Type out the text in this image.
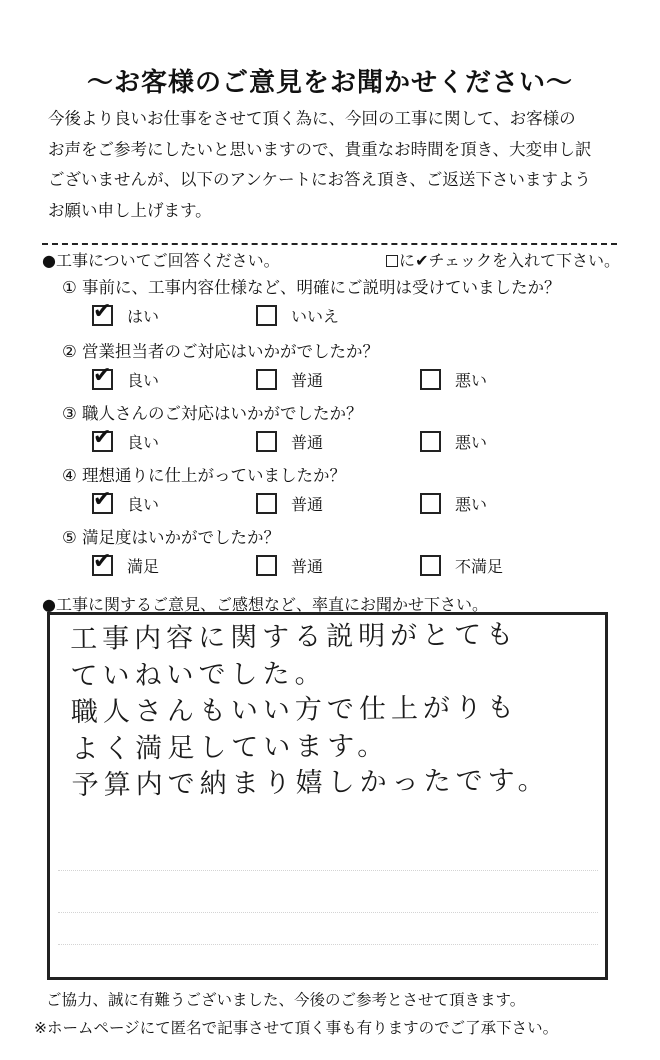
～お客様のご意見をお聞かせください～
今後より良いお仕事をさせて頂く為に、今回の工事に関して、お客様の
お声をご参考にしたいと思いますので、貴重なお時間を頂き、大変申し訳
ございませんが、以下のアンケートにお答え頂き、ご返送下さいますよう
お願い申し上げます。
●工事についてご回答ください。	に✔チェックを入れて下さい。
① 事前に、工事内容仕様など、明確にご説明は受けていましたか？
✔ はい	いいえ
② 営業担当者のご対応はいかがでしたか？
✔ 良い	普通	悪い
③ 職人さんのご対応はいかがでしたか？
✔ 良い	普通	悪い
④ 理想通りに仕上がっていましたか？
✔ 良い	普通	悪い
⑤ 満足度はいかがでしたか？
✔ 満足	普通	不満足
●工事に関するご意見、ご感想など、率直にお聞かせ下さい。
工事内容に関する説明がとても
ていねいでした。
職人さんもいい方で仕上がりも
よく満足しています。
予算内で納まり嬉しかったです。
ご協力、誠に有難うございました、今後のご参考とさせて頂きます。
※ホームページにて匿名で記事させて頂く事も有りますのでご了承下さい。
